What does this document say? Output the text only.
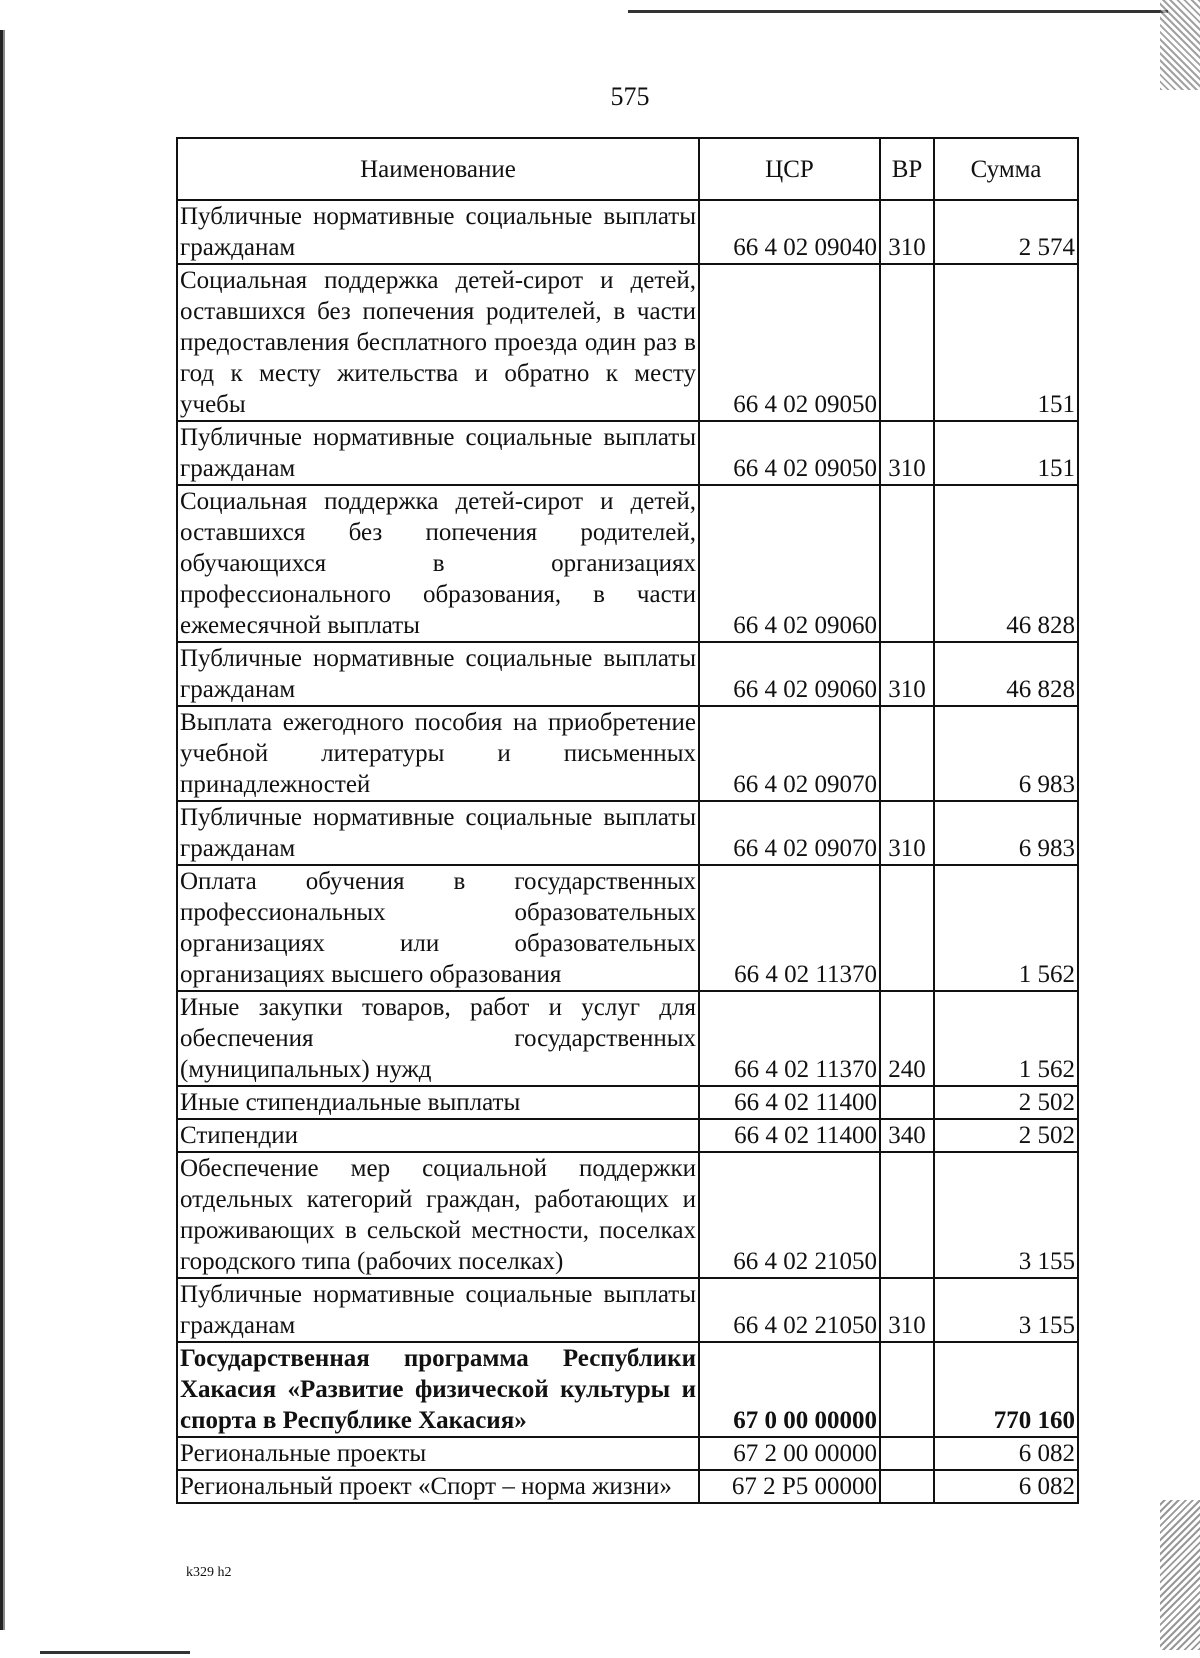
575
Наименование	ЦСР	ВР	Сумма
Публичные нормативные социальные выплаты гражданам	66 4 02 09040	310	2 574
Социальная поддержка детей-сирот и детей, оставшихся без попечения родителей, в части предоставления бесплатного проезда один раз в год к месту жительства и обратно к месту учебы	66 4 02 09050		151
Публичные нормативные социальные выплаты гражданам	66 4 02 09050	310	151
Социальная поддержка детей-сирот и детей, оставшихся без попечения родителей, обучающихся в организациях профессионального образования, в части ежемесячной выплаты	66 4 02 09060		46 828
Публичные нормативные социальные выплаты гражданам	66 4 02 09060	310	46 828
Выплата ежегодного пособия на приобретение учебной литературы и письменных принадлежностей	66 4 02 09070		6 983
Публичные нормативные социальные выплаты гражданам	66 4 02 09070	310	6 983
Оплата обучения в государственных профессиональных образовательных организациях или образовательных организациях высшего образования	66 4 02 11370		1 562
Иные закупки товаров, работ и услуг для обеспечения государственных (муниципальных) нужд	66 4 02 11370	240	1 562
Иные стипендиальные выплаты	66 4 02 11400		2 502
Стипендии	66 4 02 11400	340	2 502
Обеспечение мер социальной поддержки отдельных категорий граждан, работающих и проживающих в сельской местности, поселках городского типа (рабочих поселках)	66 4 02 21050		3 155
Публичные нормативные социальные выплаты гражданам	66 4 02 21050	310	3 155
Государственная программа Республики Хакасия «Развитие физической культуры и спорта в Республике Хакасия»	67 0 00 00000		770 160
Региональные проекты	67 2 00 00000		6 082
Региональный проект «Спорт – норма жизни»	67 2 P5 00000		6 082
k329 h2
